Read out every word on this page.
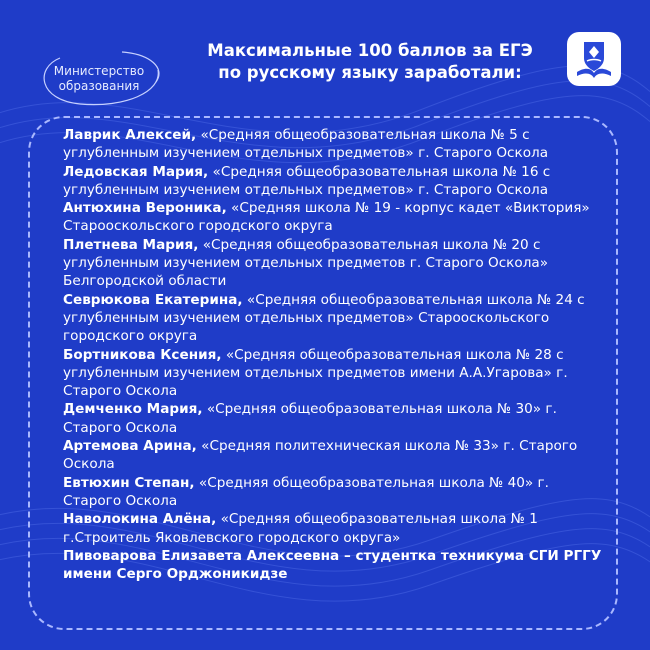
Министерство
образования
Максимальные 100 баллов за ЕГЭ
по русскому языку заработали:

Лаврик Алексей, «Средняя общеобразовательная школа № 5 с углубленным изучением отдельных предметов» г. Старого Оскола

Ледовская Мария, «Средняя общеобразовательная школа № 16 с углубленным изучением отдельных предметов» г. Старого Оскола

Антюхина Вероника, «Средняя школа № 19 - корпус кадет «Виктория» Старооскольского городского округа

Плетнева Мария, «Средняя общеобразовательная школа № 20 с углубленным изучением отдельных предметов г. Старого Оскола» Белгородской области

Севрюкова Екатерина, «Средняя общеобразовательная школа № 24 с углубленным изучением отдельных предметов» Старооскольского городского округа

Бортникова Ксения, «Средняя общеобразовательная школа № 28 с углубленным изучением отдельных предметов имени А.А.Угарова» г. Старого Оскола

Демченко Мария, «Средняя общеобразовательная школа № 30» г. Старого Оскола

Артемова Арина, «Средняя политехническая школа № 33» г. Старого Оскола

Евтюхин Степан, «Средняя общеобразовательная школа № 40» г. Старого Оскола

Наволокина Алёна, «Средняя общеобразовательная школа № 1 г.Строитель Яковлевского городского округа»

Пивоварова Елизавета Алексеевна – студентка техникума СГИ РГГУ имени Серго Орджоникидзе
